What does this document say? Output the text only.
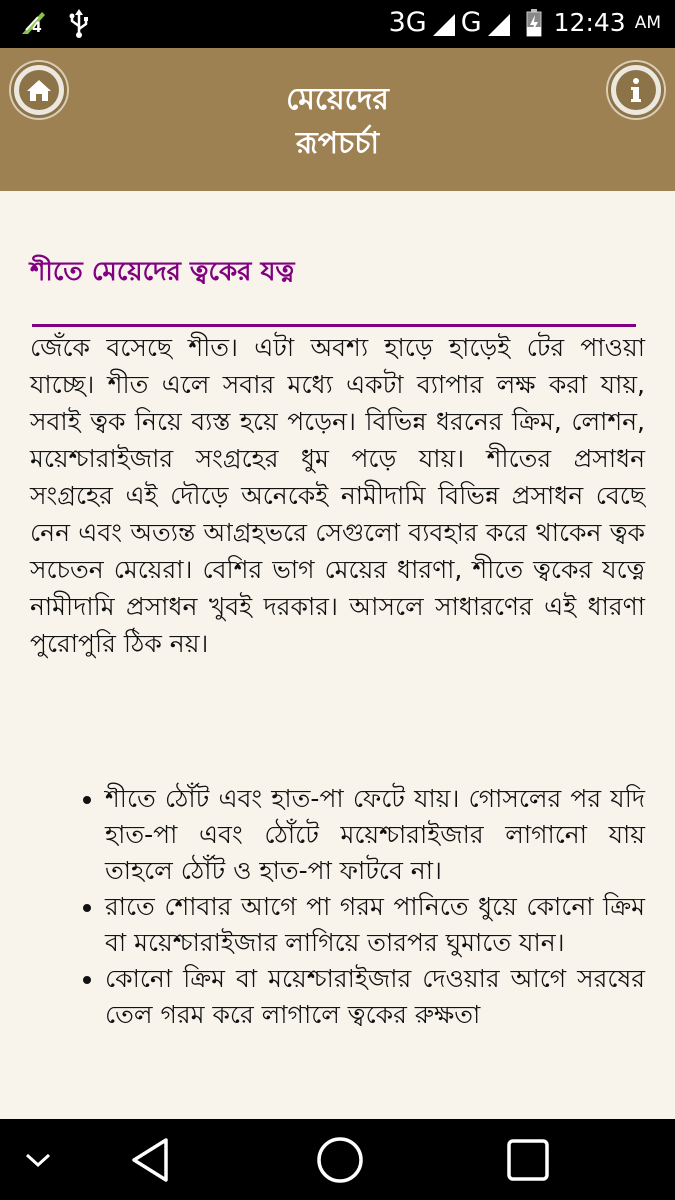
4	3G G	12:43 AM
মেয়েদের
রূপচর্চা
শীতে মেয়েদের ত্বকের যত্ন

জেঁকে বসেছে শীত। এটা অবশ্য হাড়ে হাড়েই টের পাওয়া যাচ্ছে। শীত এলে সবার মধ্যে একটা ব্যাপার লক্ষ করা যায়, সবাই ত্বক নিয়ে ব্যস্ত হয়ে পড়েন। বিভিন্ন ধরনের ক্রিম, লোশন, ময়েশ্চারাইজার সংগ্রহের ধুম পড়ে যায়। শীতের প্রসাধন সংগ্রহের এই দৌড়ে অনেকেই নামীদামি বিভিন্ন প্রসাধন বেছে নেন এবং অত্যন্ত আগ্রহভরে সেগুলো ব্যবহার করে থাকেন ত্বক সচেতন মেয়েরা। বেশির ভাগ মেয়ের ধারণা, শীতে ত্বকের যত্নে নামীদামি প্রসাধন খুবই দরকার। আসলে সাধারণের এই ধারণা পুরোপুরি ঠিক নয়।

• শীতে ঠোঁট এবং হাত-পা ফেটে যায়। গোসলের পর যদি হাত-পা এবং ঠোঁটে ময়েশ্চারাইজার লাগানো যায় তাহলে ঠোঁট ও হাত-পা ফাটবে না।
• রাতে শোবার আগে পা গরম পানিতে ধুয়ে কোনো ক্রিম বা ময়েশ্চারাইজার লাগিয়ে তারপর ঘুমাতে যান।
• কোনো ক্রিম বা ময়েশ্চারাইজার দেওয়ার আগে সরষের তেল গরম করে লাগালে ত্বকের রুক্ষতা
